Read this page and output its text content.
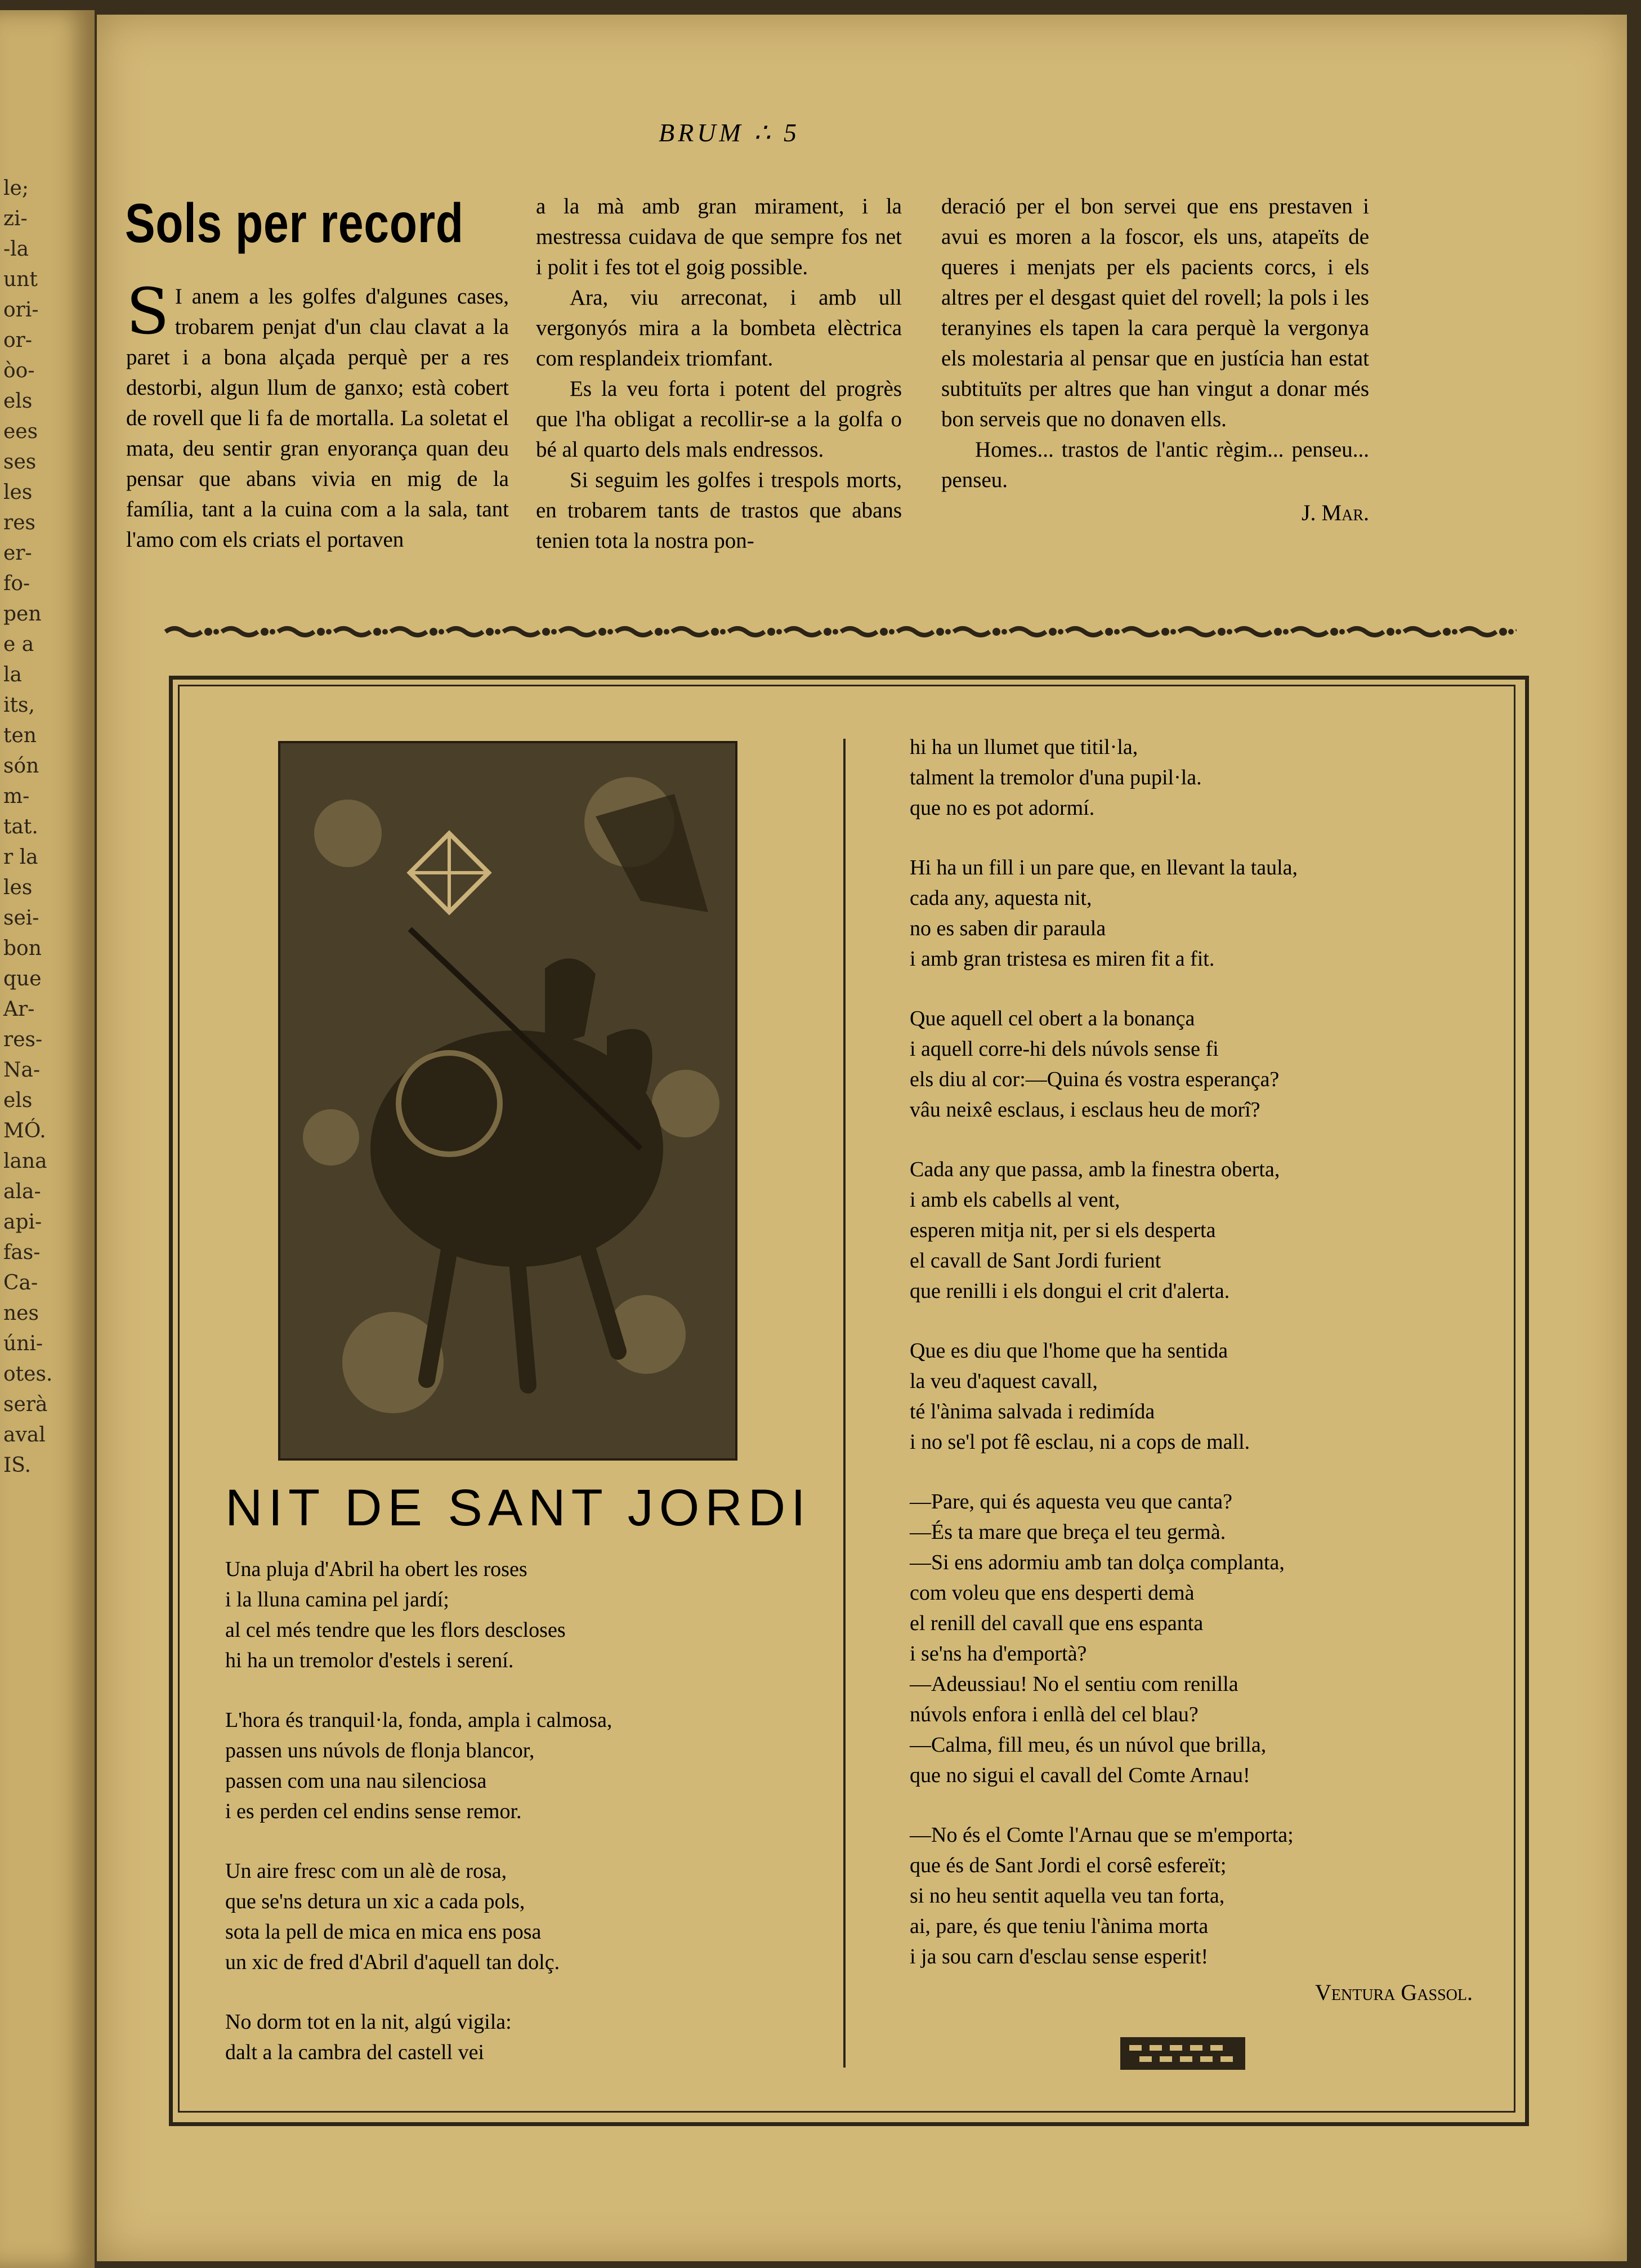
le;
zi-
-la
unt
ori-
or-
òo-
els
ees
ses
les
res
er-
fo-
pen
e a
la
its,
ten
són
m-
tat.
r la
les
sei-
bon
que
Ar-
res-
Na-
els
MÓ.
lana
ala-
api-
fas-
Ca-
nes
úni-
otes.
serà
aval
IS.
BRUM ∴ 5
Sols per record
S I anem a les golfes d'algunes cases, trobarem penjat d'un clau clavat a la paret i a bona alçada perquè per a res destorbi, algun llum de ganxo; està cobert de rovell que li fa de mortalla. La soletat el mata, deu sentir gran enyorança quan deu pensar que abans vivia en mig de la família, tant a la cuina com a la sala, tant l'amo com els criats el portaven
a la mà amb gran mirament, i la mestressa cuidava de que sempre fos net i polit i fes tot el goig possible.
Ara, viu arreconat, i amb ull vergonyós mira a la bombeta elèctrica com resplandeix triomfant.
Es la veu forta i potent del progrès que l'ha obligat a recollir-se a la golfa o bé al quarto dels mals endressos.
Si seguim les golfes i trespols morts, en trobarem tants de trastos que abans tenien tota la nostra pon-
deració per el bon servei que ens prestaven i avui es moren a la foscor, els uns, atapeïts de queres i menjats per els pacients corcs, i els altres per el desgast quiet del rovell; la pols i les teranyines els tapen la cara perquè la vergonya els molestaria al pensar que en justícia han estat subtituïts per altres que han vingut a donar més bon serveis que no donaven ells.
Homes... trastos de l'antic règim... penseu... penseu.
J. Mar.
NIT DE SANT JORDI
Una pluja d'Abril ha obert les roses
i la lluna camina pel jardí;
al cel més tendre que les flors descloses
hi ha un tremolor d'estels i serení.
L'hora és tranquil·la, fonda, ampla i calmosa,
passen uns núvols de flonja blancor,
passen com una nau silenciosa
i es perden cel endins sense remor.
Un aire fresc com un alè de rosa,
que se'ns detura un xic a cada pols,
sota la pell de mica en mica ens posa
un xic de fred d'Abril d'aquell tan dolç.
No dorm tot en la nit, algú vigila:
dalt a la cambra del castell vei
hi ha un llumet que titil·la,
talment la tremolor d'una pupil·la.
que no es pot adormí.
Hi ha un fill i un pare que, en llevant la taula,
cada any, aquesta nit,
no es saben dir paraula
i amb gran tristesa es miren fit a fit.
Que aquell cel obert a la bonança
i aquell corre-hi dels núvols sense fi
els diu al cor:—Quina és vostra esperança?
vâu neixê esclaus, i esclaus heu de morî?
Cada any que passa, amb la finestra oberta,
i amb els cabells al vent,
esperen mitja nit, per si els desperta
el cavall de Sant Jordi furient
que renilli i els dongui el crit d'alerta.
Que es diu que l'home que ha sentida
la veu d'aquest cavall,
té l'ànima salvada i redimída
i no se'l pot fê esclau, ni a cops de mall.
—Pare, qui és aquesta veu que canta?
—És ta mare que breça el teu germà.
—Si ens adormiu amb tan dolça complanta,
com voleu que ens desperti demà
el renill del cavall que ens espanta
i se'ns ha d'emportà?
—Adeussiau! No el sentiu com renilla
núvols enfora i enllà del cel blau?
—Calma, fill meu, és un núvol que brilla,
que no sigui el cavall del Comte Arnau!
—No és el Comte l'Arnau que se m'emporta;
que és de Sant Jordi el corsê esfereït;
si no heu sentit aquella veu tan forta,
ai, pare, és que teniu l'ànima morta
i ja sou carn d'esclau sense esperit!
Ventura Gassol.
